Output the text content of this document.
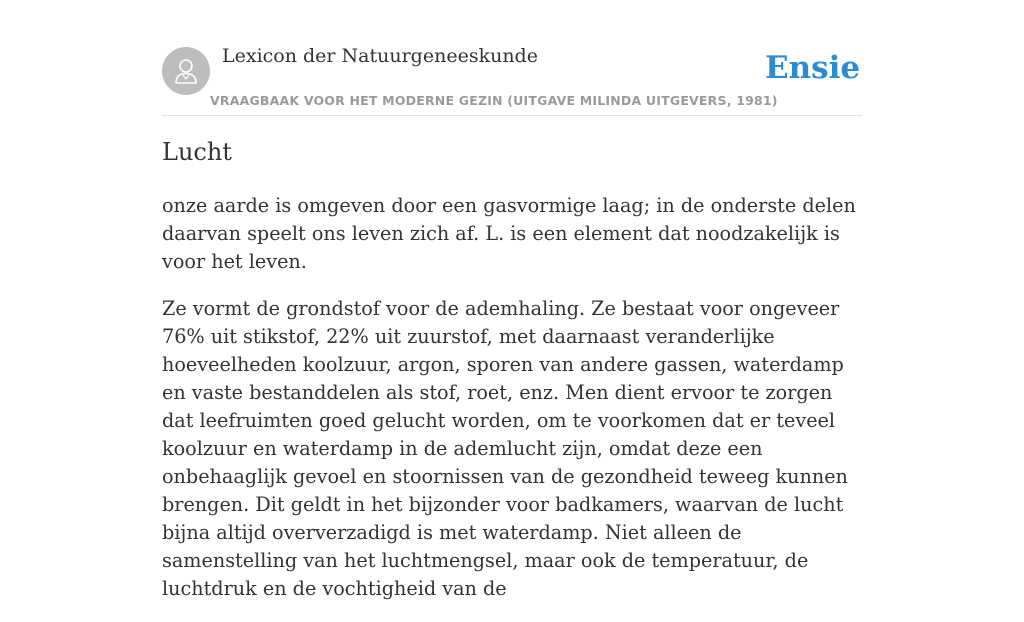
Lexicon der Natuurgeneeskunde
VRAAGBAAK VOOR HET MODERNE GEZIN (UITGAVE MILINDA UITGEVERS, 1981)
Ensie
Lucht

onze aarde is omgeven door een gasvormige laag; in de onderste delen daarvan speelt ons leven zich af. L. is een element dat noodzakelijk is voor het leven.

Ze vormt de grondstof voor de ademhaling. Ze bestaat voor ongeveer 76% uit stikstof, 22% uit zuurstof, met daarnaast veranderlijke hoeveelheden koolzuur, argon, sporen van andere gassen, waterdamp en vaste bestanddelen als stof, roet, enz. Men dient ervoor te zorgen dat leefruimten goed gelucht worden, om te voorkomen dat er teveel koolzuur en waterdamp in de ademlucht zijn, omdat deze een onbehaaglijk gevoel en stoornissen van de gezondheid teweeg kunnen brengen. Dit geldt in het bijzonder voor badkamers, waarvan de lucht bijna altijd oververzadigd is met waterdamp. Niet alleen de samenstelling van het luchtmengsel, maar ook de temperatuur, de luchtdruk en de vochtigheid van de
